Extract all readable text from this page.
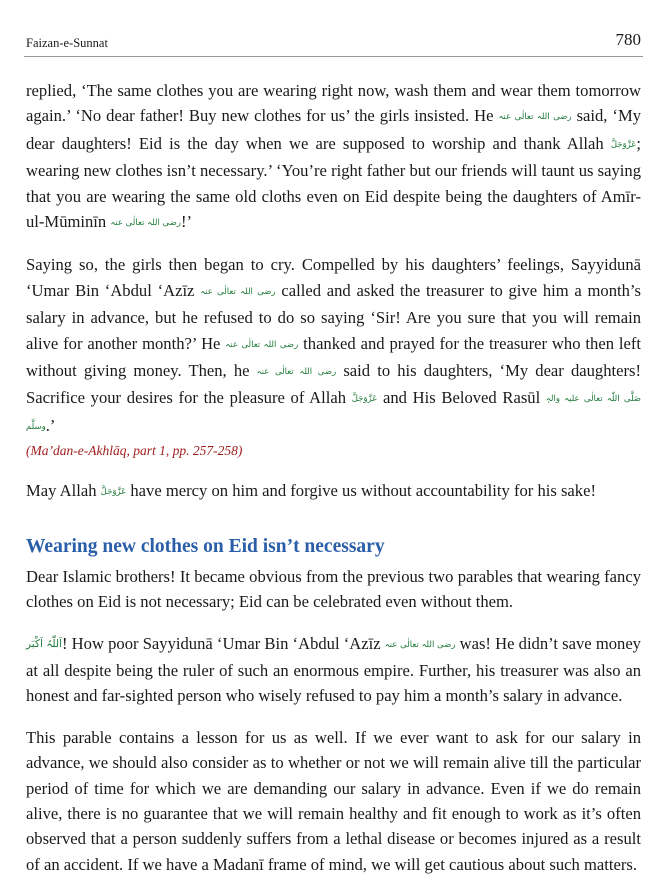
Faizan-e-Sunnat	780

replied, ‘The same clothes you are wearing right now, wash them and wear them tomorrow again.’ ‘No dear father! Buy new clothes for us’ the girls insisted. He رضی اللہ تعالٰی عنہ said, ‘My dear daughters! Eid is the day when we are supposed to worship and thank Allah عَزَّوَجَلَّ; wearing new clothes isn’t necessary.’ ‘You’re right father but our friends will taunt us saying that you are wearing the same old cloths even on Eid despite being the daughters of Amīr-ul-Mūminīn رضی اللہ تعالٰی عنہ!’

Saying so, the girls then began to cry. Compelled by his daughters’ feelings, Sayyidunā ‘Umar Bin ‘Abdul ‘Azīz رضی اللہ تعالٰی عنہ called and asked the treasurer to give him a month’s salary in advance, but he refused to do so saying ‘Sir! Are you sure that you will remain alive for another month?’ He رضی اللہ تعالٰی عنہ thanked and prayed for the treasurer who then left without giving money. Then, he رضی اللہ تعالٰی عنہ said to his daughters, ‘My dear daughters! Sacrifice your desires for the pleasure of Allah عَزَّوَجَلَّ and His Beloved Rasūl صَلَّی اللّٰہ تعالٰی علیہ والہٖ وسلَّم.’

(Ma’dan-e-Akhlāq, part 1, pp. 257-258)

May Allah عَزَّوَجَلَّ have mercy on him and forgive us without accountability for his sake!

Wearing new clothes on Eid isn’t necessary

Dear Islamic brothers! It became obvious from the previous two parables that wearing fancy clothes on Eid is not necessary; Eid can be celebrated even without them.

اَللّٰہُ اَکْبَر! How poor Sayyidunā ‘Umar Bin ‘Abdul ‘Azīz رضی اللہ تعالٰی عنہ was! He didn’t save money at all despite being the ruler of such an enormous empire. Further, his treasurer was also an honest and far-sighted person who wisely refused to pay him a month’s salary in advance.

This parable contains a lesson for us as well. If we ever want to ask for our salary in advance, we should also consider as to whether or not we will remain alive till the particular period of time for which we are demanding our salary in advance. Even if we do remain alive, there is no guarantee that we will remain healthy and fit enough to work as it’s often observed that a person suddenly suffers from a lethal disease or becomes injured as a result of an accident. If we have a Madanī frame of mind, we will get cautious about such matters.
